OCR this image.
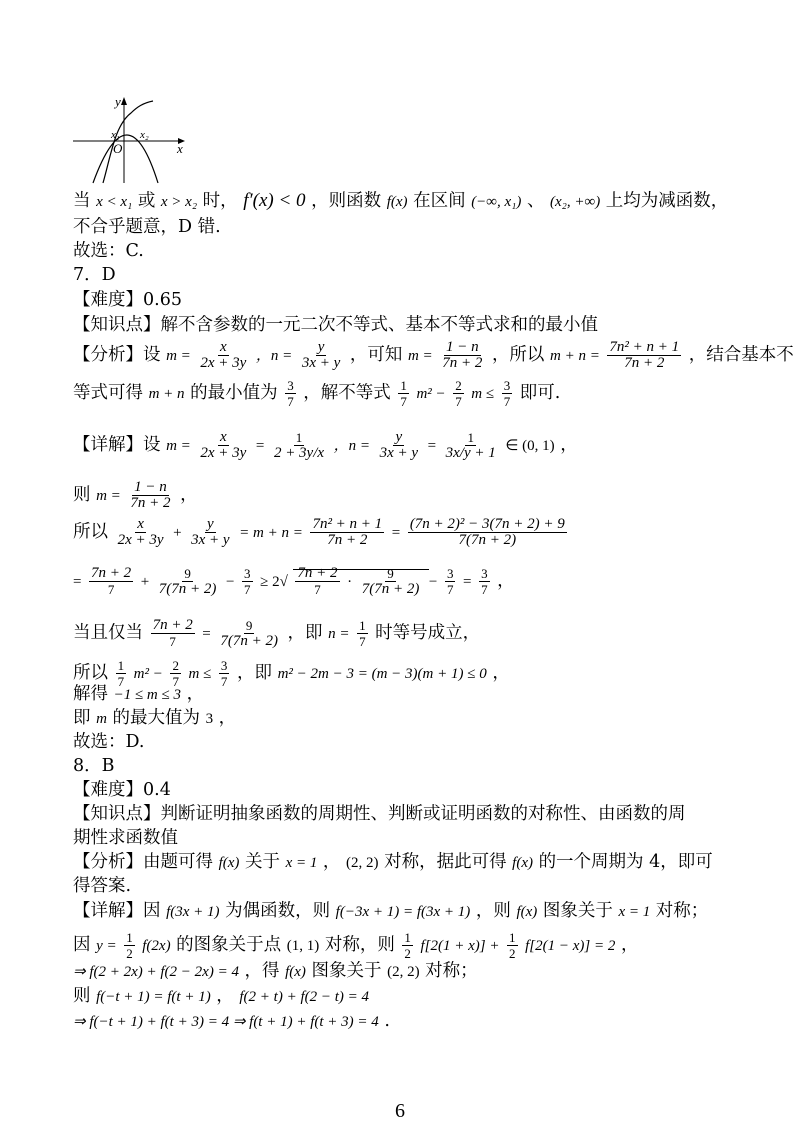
y
x
O
x₁ x₂
当 x < x₁ 或 x > x₂ 时， f′(x) < 0 ，则函数 f(x) 在区间 (−∞, x₁) 、 (x₂, +∞) 上均为减函数，
不合乎题意，D 错.
故选：C.
7．D
【难度】0.65
【知识点】解不含参数的一元二次不等式、基本不等式求和的最小值
【分析】设 $m = \frac{x}{2x + 3y}$ ，$n = \frac{y}{3x + y}$ ，可知 $m = \frac{1 - n}{7n + 2}$ ，所以 $m + n = \frac{\text{7n² + n + 1}}{7n + 2}$ ，结合基本不
等式可得 m + n 的最小值为 $\frac{3}{7}$ ，解不等式 $\frac{1}{7} m^2 - \frac{2}{7}$ $m \le \frac{3}{7}$ 即可.
【详解】设 $m = \frac{x}{2x + 3y} = \frac{1}{2 + 3y/x}$ ，$n = \frac{y}{3x + y} = \frac{1}{3x/y + 1}$ ∈ (0, 1) ，
则 $m = \frac{1 - n}{7n + 2}$ ，
所以 $\frac{x}{2x + 3y} + \frac{y}{3x + y} = m + n = \frac{\text{7n² + n + 1}}{7n + 2} = \frac{\text{(7n + 2)² − 3(7n + 2) + 9}}{7(7n + 2)}$
= $\frac{7n + 2}{7} + \frac{9}{7(7n + 2)} - \frac{3}{7} \ge 2√ \frac{7n + 2}{7} \cdot \frac{9}{7(7n + 2)} - \frac{3}{7} = \frac{3}{7}$ ，
当且仅当 $\frac{7n + 2}{7} = \frac{9}{7(7n + 2)}$ ，即 $n = \frac{1}{7}$ 时等号成立，
所以 $\frac{1}{7} m^2 - \frac{2}{7}$ $m \le \frac{3}{7}$ ，即 m² − 2m − 3 = (m − 3)(m + 1) ≤ 0 ，
解得 −1 ≤ m ≤ 3 ，
即 m 的最大值为 3 ，
故选：D.
8．B
【难度】0.4
【知识点】判断证明抽象函数的周期性、判断或证明函数的对称性、由函数的周
期性求函数值
【分析】由题可得 f(x) 关于 x = 1 ， (2, 2) 对称，据此可得 f(x) 的一个周期为 4，即可
得答案.
【详解】因 f(3x + 1) 为偶函数，则 f(−3x + 1) = f(3x + 1) ，则 f(x) 图象关于 x = 1 对称；
因 $y = \frac{1}{2} f(2x)$ 的图象关于点 (1, 1) 对称，则 $\frac{1}{2} f[2(1 + x)] + \frac{1}{2} f[2(1 - x)] = 2$ ，
⇒ f(2 + 2x) + f(2 − 2x) = 4 ，得 f(x) 图象关于 (2, 2) 对称；
则 f(−t + 1) = f(t + 1) ， f(2 + t) + f(2 − t) = 4
⇒ f(−t + 1) + f(t + 3) = 4 ⇒ f(t + 1) + f(t + 3) = 4 .
6
